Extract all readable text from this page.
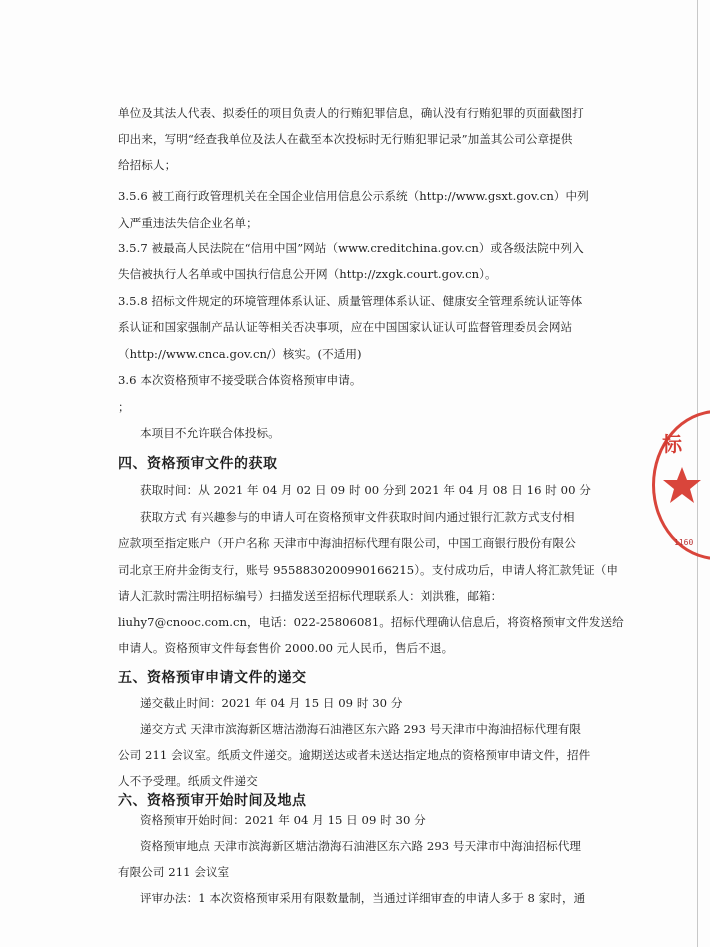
单位及其法人代表、拟委任的项目负责人的行贿犯罪信息，确认没有行贿犯罪的页面截图打
印出来，写明“经查我单位及法人在截至本次投标时无行贿犯罪记录”加盖其公司公章提供
给招标人；
3.5.6 被工商行政管理机关在全国企业信用信息公示系统（http://www.gsxt.gov.cn）中列
入严重违法失信企业名单；
3.5.7 被最高人民法院在“信用中国”网站（www.creditchina.gov.cn）或各级法院中列入
失信被执行人名单或中国执行信息公开网（http://zxgk.court.gov.cn）。
3.5.8 招标文件规定的环境管理体系认证、质量管理体系认证、健康安全管理系统认证等体
系认证和国家强制产品认证等相关否决事项，应在中国国家认证认可监督管理委员会网站
（http://www.cnca.gov.cn/）核实。(不适用)
3.6 本次资格预审不接受联合体资格预审申请。
；
本项目不允许联合体投标。
四、资格预审文件的获取
获取时间：从 2021 年 04 月 02 日 09 时 00 分到 2021 年 04 月 08 日 16 时 00 分
获取方式 有兴趣参与的申请人可在资格预审文件获取时间内通过银行汇款方式支付相
应款项至指定账户（开户名称 天津市中海油招标代理有限公司，中国工商银行股份有限公
司北京王府井金街支行，账号 9558830200990166215）。支付成功后，申请人将汇款凭证（申
请人汇款时需注明招标编号）扫描发送至招标代理联系人：刘洪雅，邮箱：
liuhy7@cnooc.com.cn，电话：022-25806081。招标代理确认信息后，将资格预审文件发送给
申请人。资格预审文件每套售价 2000.00 元人民币，售后不退。
五、资格预审申请文件的递交
递交截止时间：2021 年 04 月 15 日 09 时 30 分
递交方式 天津市滨海新区塘沽渤海石油港区东六路 293 号天津市中海油招标代理有限
公司 211 会议室。纸质文件递交。逾期送达或者未送达指定地点的资格预审申请文件，招件
人不予受理。纸质文件递交
六、资格预审开始时间及地点
资格预审开始时间：2021 年 04 月 15 日 09 时 30 分
资格预审地点 天津市滨海新区塘沽渤海石油港区东六路 293 号天津市中海油招标代理
有限公司 211 会议室
评审办法：1 本次资格预审采用有限数量制，当通过详细审查的申请人多于 8 家时，通
标
1160
